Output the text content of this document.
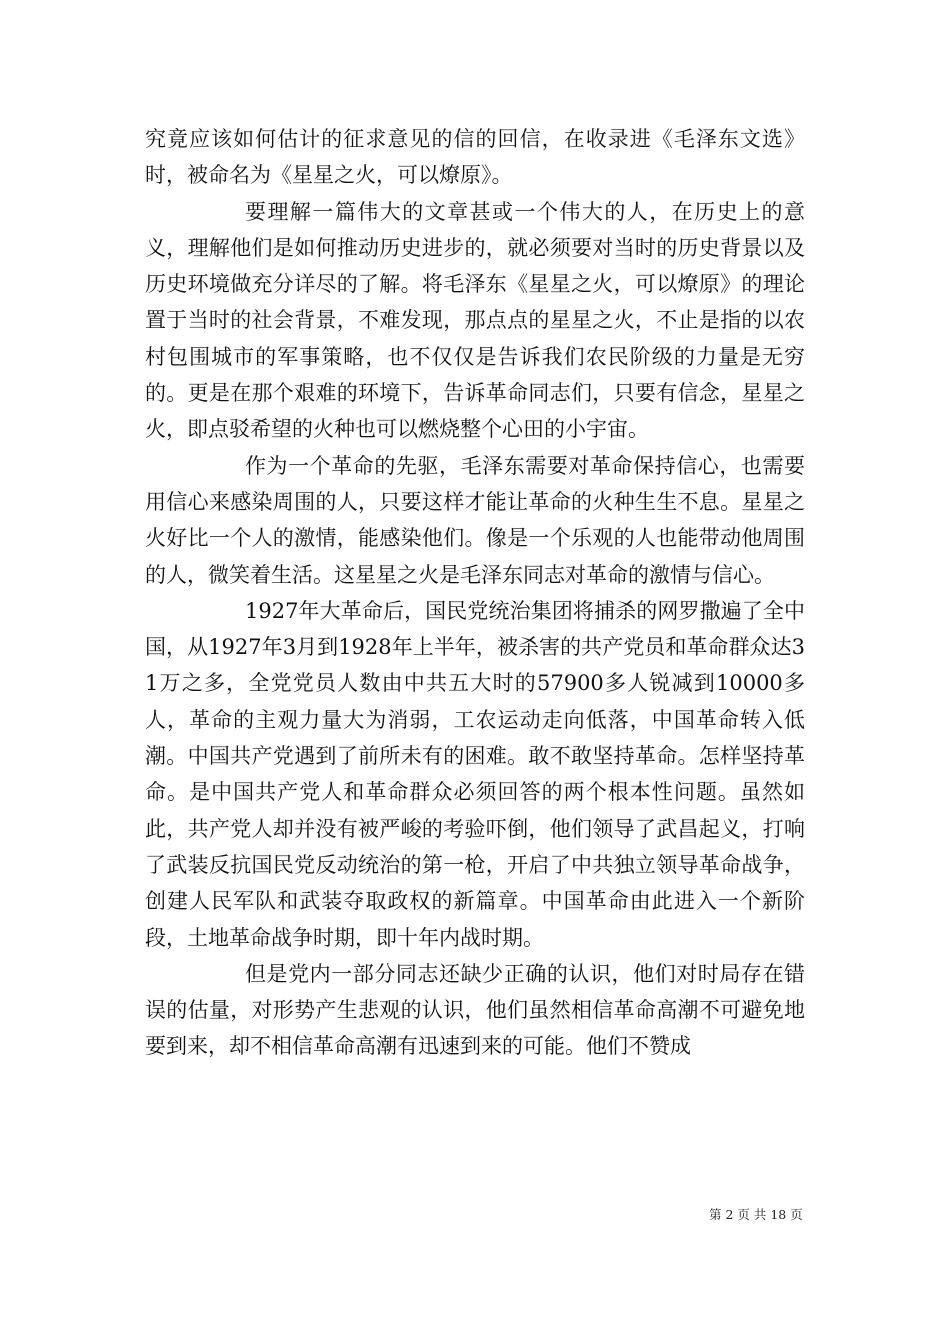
究竟应该如何估计的征求意见的信的回信，在收录进《毛泽东文选》时，被命名为《星星之火，可以燎原》。

要理解一篇伟大的文章甚或一个伟大的人，在历史上的意义，理解他们是如何推动历史进步的，就必须要对当时的历史背景以及历史环境做充分详尽的了解。将毛泽东《星星之火，可以燎原》的理论置于当时的社会背景，不难发现，那点点的星星之火，不止是指的以农村包围城市的军事策略，也不仅仅是告诉我们农民阶级的力量是无穷的。更是在那个艰难的环境下，告诉革命同志们，只要有信念，星星之火，即点驳希望的火种也可以燃烧整个心田的小宇宙。

作为一个革命的先驱，毛泽东需要对革命保持信心，也需要用信心来感染周围的人，只要这样才能让革命的火种生生不息。星星之火好比一个人的激情，能感染他们。像是一个乐观的人也能带动他周围的人，微笑着生活。这星星之火是毛泽东同志对革命的激情与信心。

1927年大革命后，国民党统治集团将捕杀的网罗撒遍了全中国，从1927年3月到1928年上半年，被杀害的共产党员和革命群众达31万之多，全党党员人数由中共五大时的57900多人锐减到10000多人，革命的主观力量大为消弱，工农运动走向低落，中国革命转入低潮。中国共产党遇到了前所未有的困难。敢不敢坚持革命。怎样坚持革命。是中国共产党人和革命群众必须回答的两个根本性问题。虽然如此，共产党人却并没有被严峻的考验吓倒，他们领导了武昌起义，打响了武装反抗国民党反动统治的第一枪，开启了中共独立领导革命战争，创建人民军队和武装夺取政权的新篇章。中国革命由此进入一个新阶段，土地革命战争时期，即十年内战时期。

但是党内一部分同志还缺少正确的认识，他们对时局存在错误的估量，对形势产生悲观的认识，他们虽然相信革命高潮不可避免地要到来，却不相信革命高潮有迅速到来的可能。他们不赞成

第 2 页 共 18 页
